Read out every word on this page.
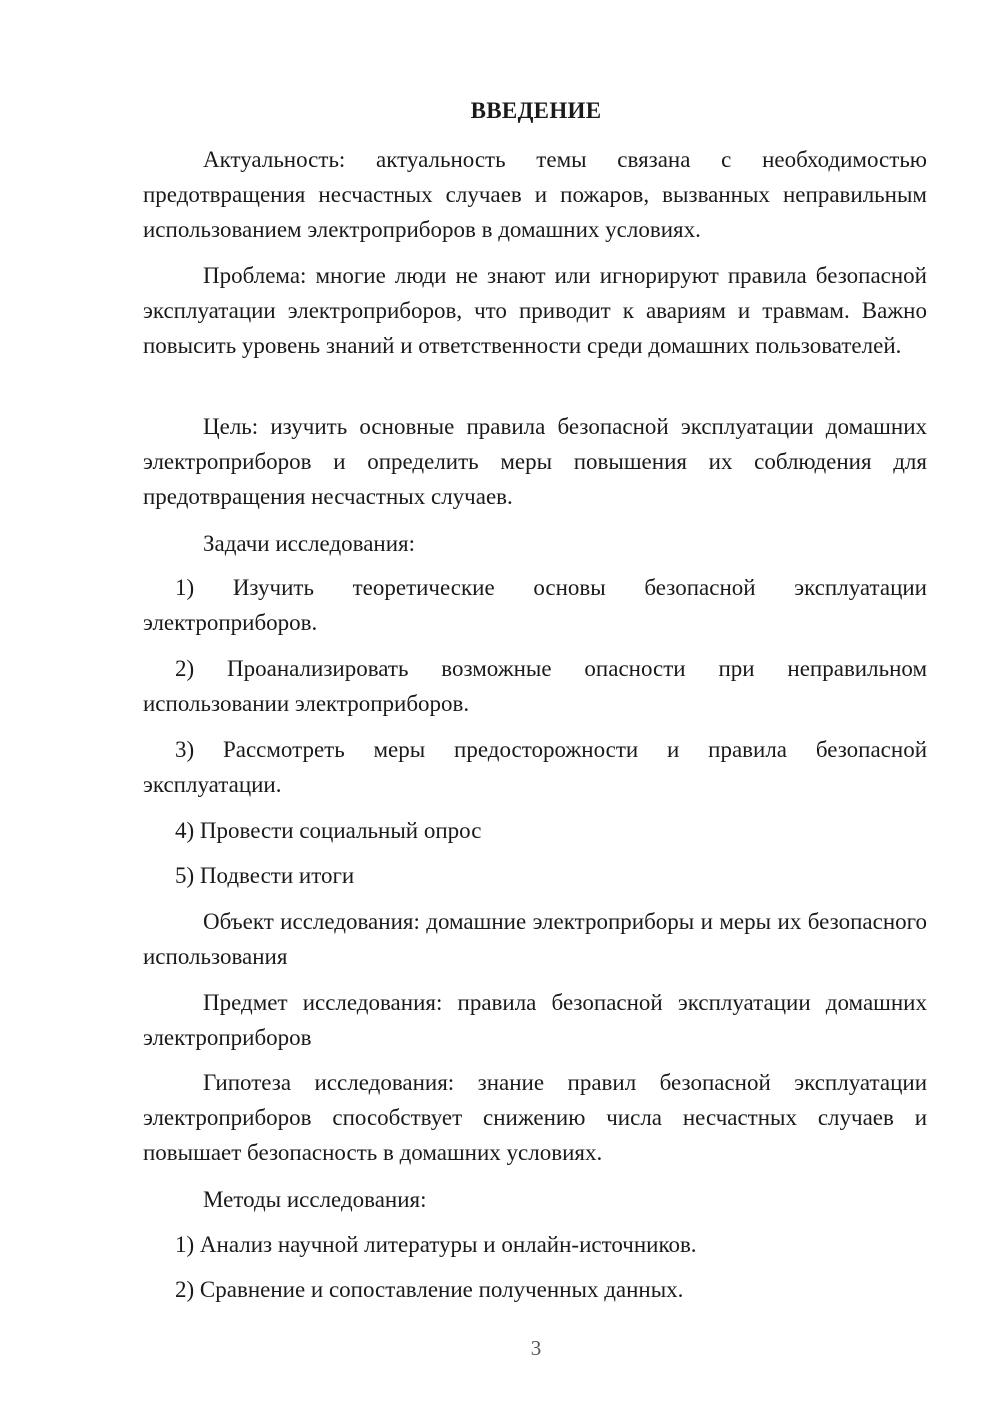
ВВЕДЕНИЕ

Актуальность: актуальность темы связана с необходимостью предотвращения несчастных случаев и пожаров, вызванных неправильным использованием электроприборов в домашних условиях.

Проблема: многие люди не знают или игнорируют правила безопасной эксплуатации электроприборов, что приводит к авариям и травмам. Важно повысить уровень знаний и ответственности среди домашних пользователей.

Цель: изучить основные правила безопасной эксплуатации домашних электроприборов и определить меры повышения их соблюдения для предотвращения несчастных случаев.

Задачи исследования:

1) Изучить теоретические основы безопасной эксплуатации электроприборов.

2) Проанализировать возможные опасности при неправильном использовании электроприборов.

3) Рассмотреть меры предосторожности и правила безопасной эксплуатации.

4) Провести социальный опрос

5) Подвести итоги

Объект исследования: домашние электроприборы и меры их безопасного использования

Предмет исследования: правила безопасной эксплуатации домашних электроприборов

Гипотеза исследования: знание правил безопасной эксплуатации электроприборов способствует снижению числа несчастных случаев и повышает безопасность в домашних условиях.

Методы исследования:

1) Анализ научной литературы и онлайн-источников.

2) Сравнение и сопоставление полученных данных.

3
